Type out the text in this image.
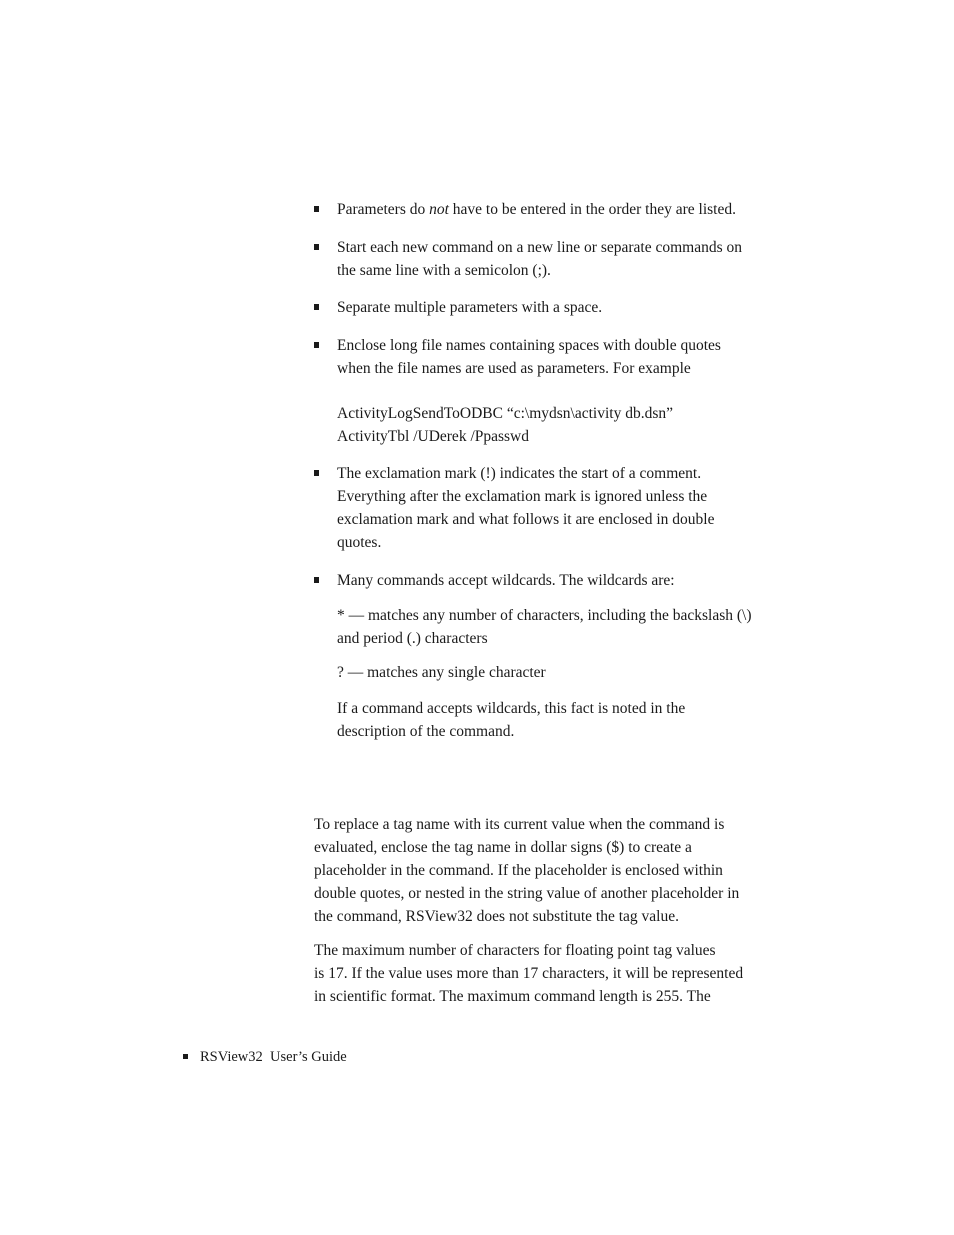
Parameters do not have to be entered in the order they are listed.
Start each new command on a new line or separate commands on
the same line with a semicolon (;).
Separate multiple parameters with a space.
Enclose long file names containing spaces with double quotes
when the file names are used as parameters. For example
ActivityLogSendToODBC “c:\mydsn\activity db.dsn”
ActivityTbl /UDerek /Ppasswd
The exclamation mark (!) indicates the start of a comment.
Everything after the exclamation mark is ignored unless the
exclamation mark and what follows it are enclosed in double
quotes.
Many commands accept wildcards. The wildcards are:
* — matches any number of characters, including the backslash (\)
and period (.) characters
? — matches any single character
If a command accepts wildcards, this fact is noted in the
description of the command.
To replace a tag name with its current value when the command is
evaluated, enclose the tag name in dollar signs ($) to create a
placeholder in the command. If the placeholder is enclosed within
double quotes, or nested in the string value of another placeholder in
the command, RSView32 does not substitute the tag value.
The maximum number of characters for floating point tag values
is 17. If the value uses more than 17 characters, it will be represented
in scientific format. The maximum command length is 255. The
RSView32  User’s Guide
